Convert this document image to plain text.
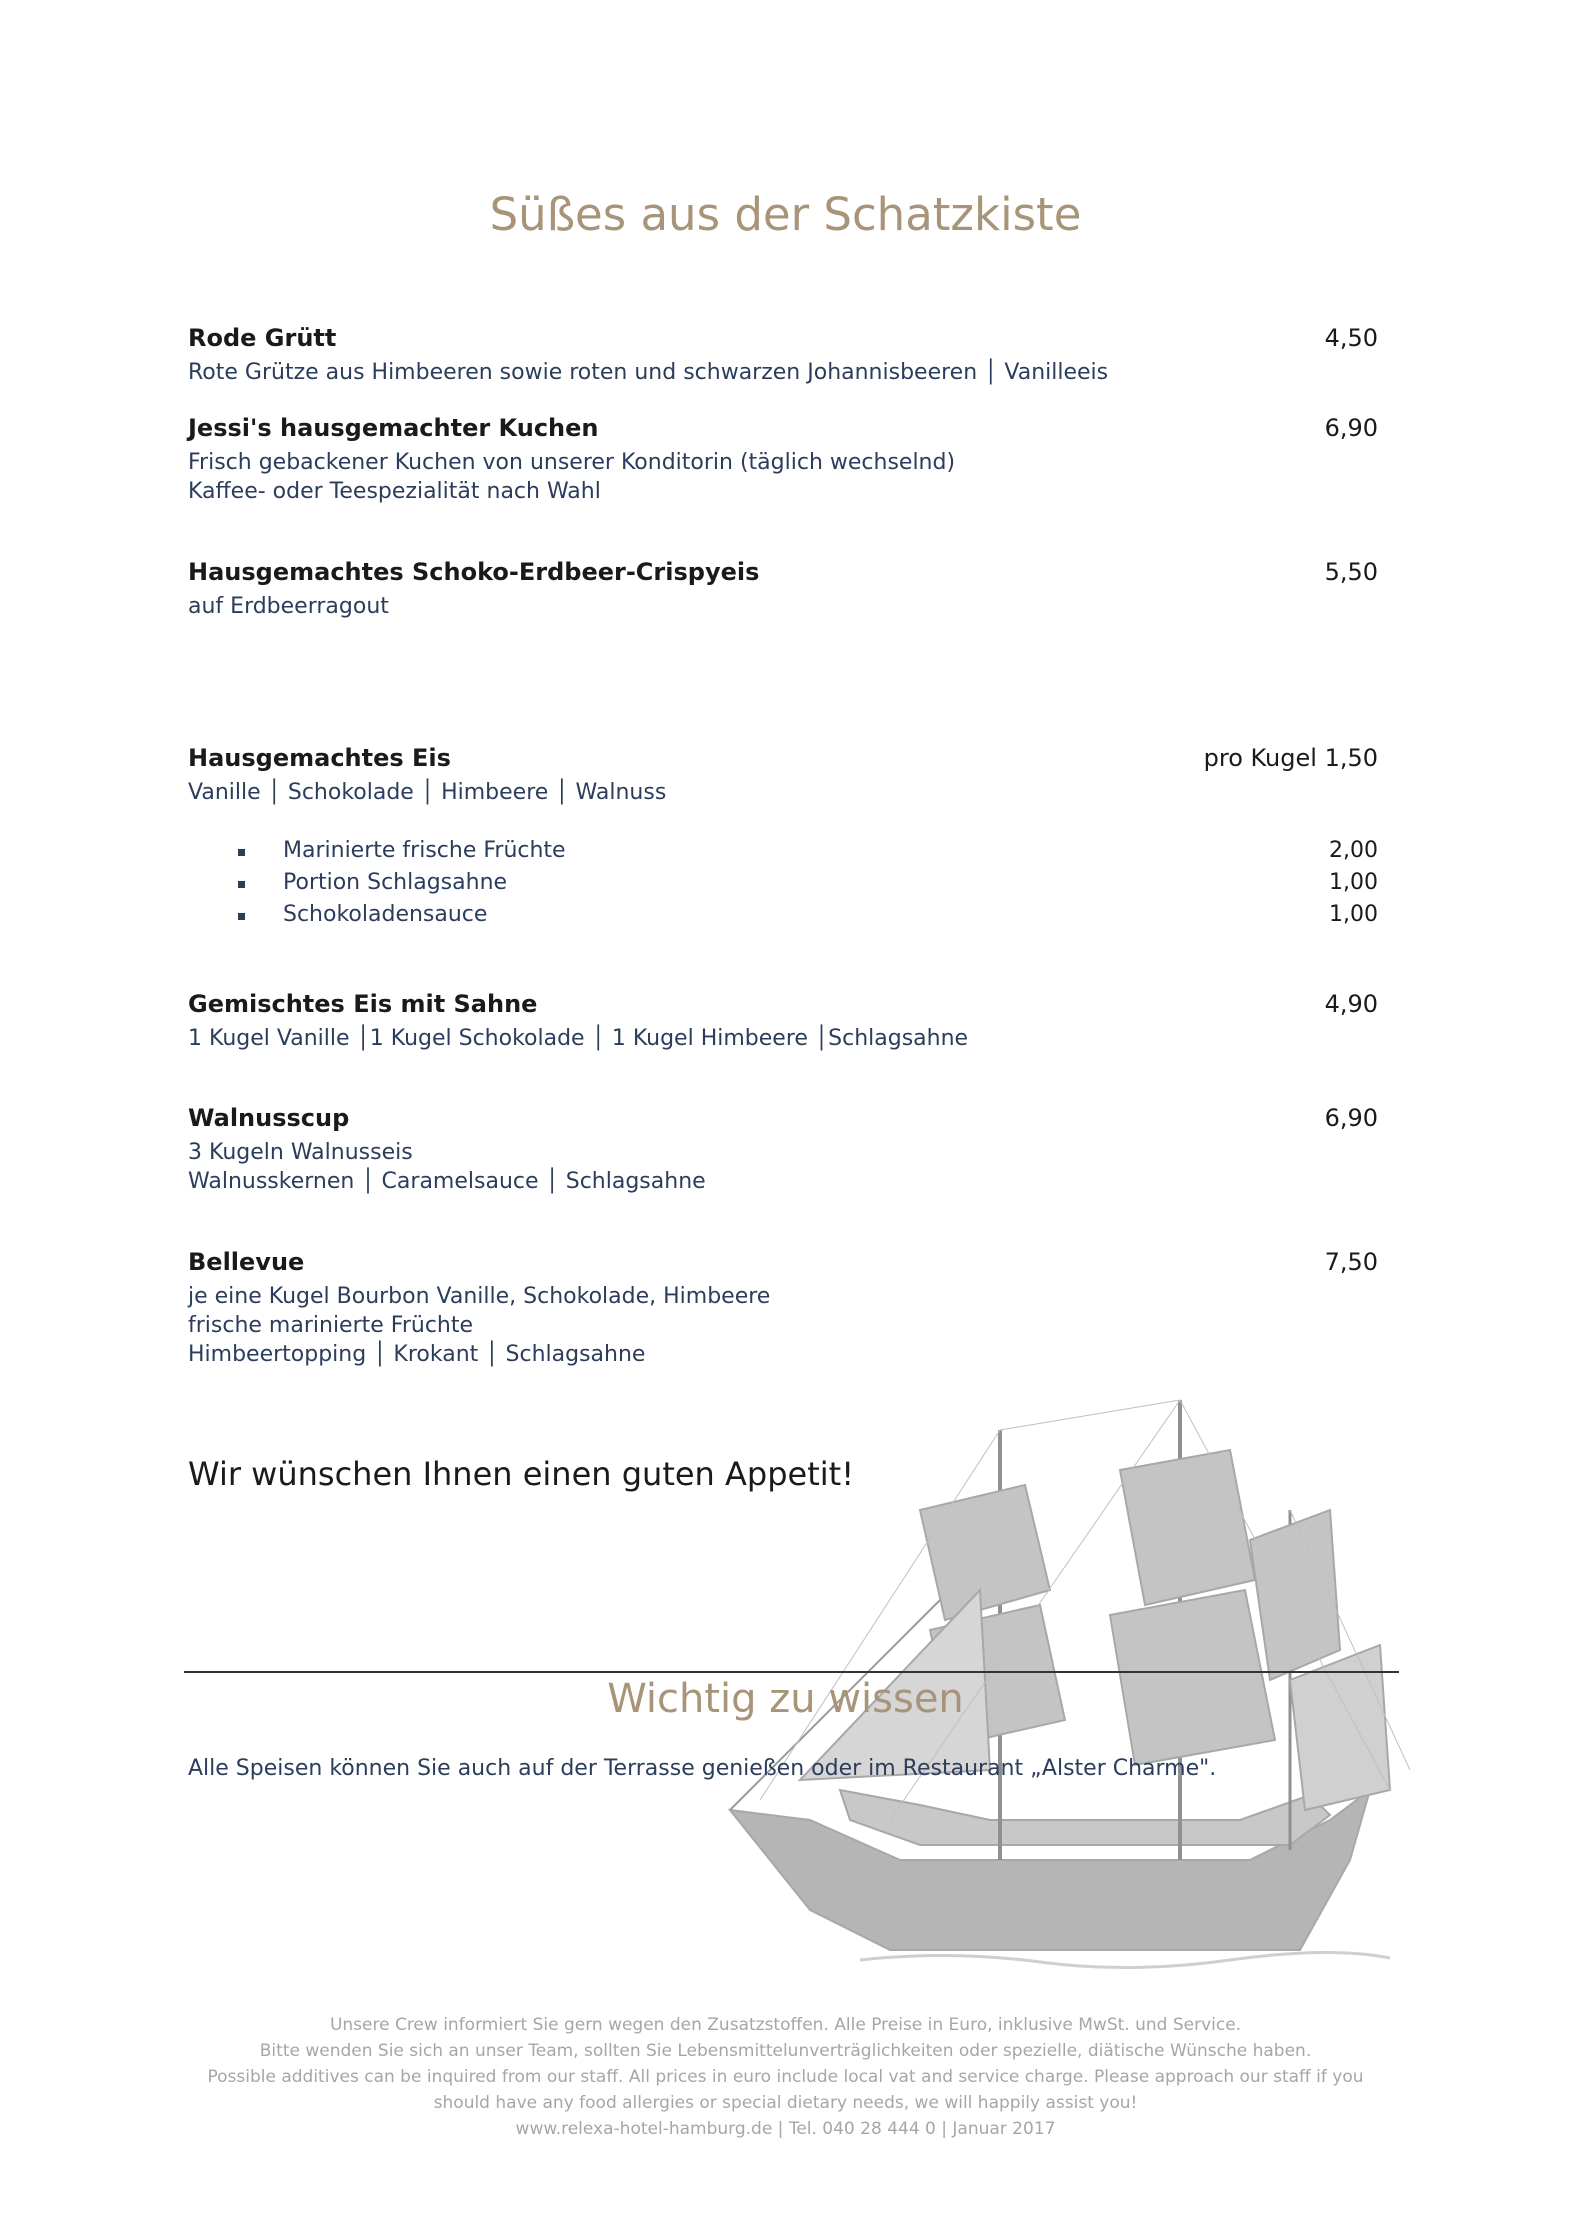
Süßes aus der Schatzkiste
Rode Grütt	4,50
Rote Grütze aus Himbeeren sowie roten und schwarzen Johannisbeeren │ Vanilleeis
Jessi's hausgemachter Kuchen	6,90
Frisch gebackener Kuchen von unserer Konditorin (täglich wechselnd)
Kaffee- oder Teespezialität nach Wahl
Hausgemachtes Schoko-Erdbeer-Crispyeis	5,50
auf Erdbeerragout
Hausgemachtes Eis	pro Kugel 1,50
Vanille │ Schokolade │ Himbeere │ Walnuss
Marinierte frische Früchte	2,00
Portion Schlagsahne	1,00
Schokoladensauce	1,00
Gemischtes Eis mit Sahne	4,90
1 Kugel Vanille │1 Kugel Schokolade │ 1 Kugel Himbeere │Schlagsahne
Walnusscup	6,90
3 Kugeln Walnusseis
Walnusskernen │ Caramelsauce │ Schlagsahne
Bellevue	7,50
je eine Kugel Bourbon Vanille, Schokolade, Himbeere
frische marinierte Früchte
Himbeertopping │ Krokant │ Schlagsahne
Wir wünschen Ihnen einen guten Appetit!
Wichtig zu wissen
Alle Speisen können Sie auch auf der Terrasse genießen oder im Restaurant „Alster Charme".
Unsere Crew informiert Sie gern wegen den Zusatzstoffen. Alle Preise in Euro, inklusive MwSt. und Service.
Bitte wenden Sie sich an unser Team, sollten Sie Lebensmittelunverträglichkeiten oder spezielle, diätische Wünsche haben.
Possible additives can be inquired from our staff. All prices in euro include local vat and service charge. Please approach our staff if you
should have any food allergies or special dietary needs, we will happily assist you!
www.relexa-hotel-hamburg.de | Tel. 040 28 444 0 | Januar 2017
